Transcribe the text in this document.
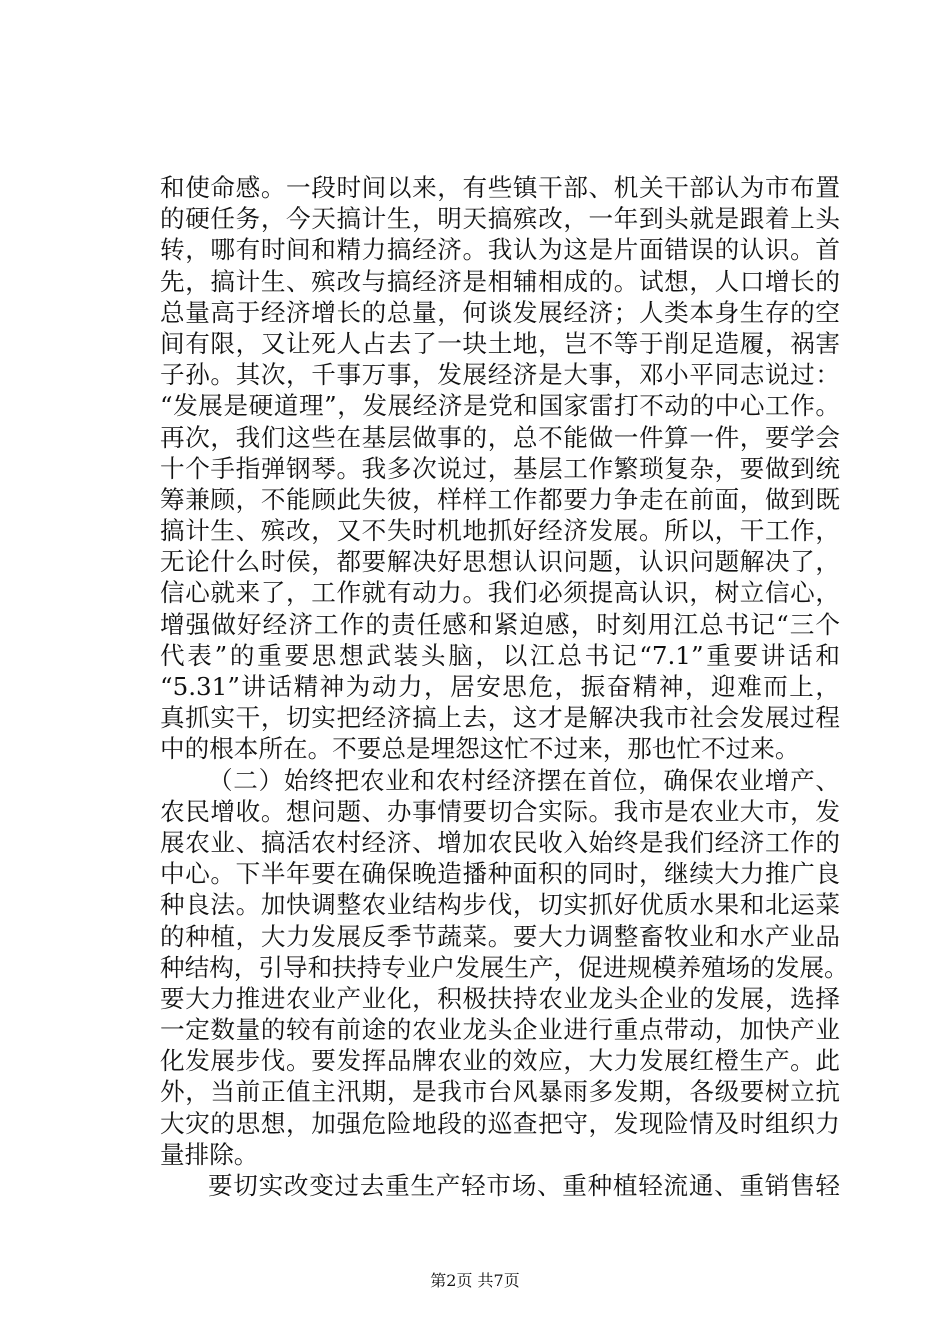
和使命感。一段时间以来，有些镇干部、机关干部认为市布置
的硬任务，今天搞计生，明天搞殡改，一年到头就是跟着上头
转，哪有时间和精力搞经济。我认为这是片面错误的认识。首
先，搞计生、殡改与搞经济是相辅相成的。试想，人口增长的
总量高于经济增长的总量，何谈发展经济；人类本身生存的空
间有限，又让死人占去了一块土地，岂不等于削足造履，祸害
子孙。其次，千事万事，发展经济是大事，邓小平同志说过：
“发展是硬道理”，发展经济是党和国家雷打不动的中心工作。
再次，我们这些在基层做事的，总不能做一件算一件，要学会
十个手指弹钢琴。我多次说过，基层工作繁琐复杂，要做到统
筹兼顾，不能顾此失彼，样样工作都要力争走在前面，做到既
搞计生、殡改，又不失时机地抓好经济发展。所以，干工作，
无论什么时侯，都要解决好思想认识问题，认识问题解决了，
信心就来了，工作就有动力。我们必须提高认识，树立信心，
增强做好经济工作的责任感和紧迫感，时刻用江总书记“三个
代表”的重要思想武装头脑，以江总书记“7.1”重要讲话和
“5.31”讲话精神为动力，居安思危，振奋精神，迎难而上，
真抓实干，切实把经济搞上去，这才是解决我市社会发展过程
中的根本所在。不要总是埋怨这忙不过来，那也忙不过来。
（二）始终把农业和农村经济摆在首位，确保农业增产、
农民增收。想问题、办事情要切合实际。我市是农业大市，发
展农业、搞活农村经济、增加农民收入始终是我们经济工作的
中心。下半年要在确保晚造播种面积的同时，继续大力推广良
种良法。加快调整农业结构步伐，切实抓好优质水果和北运菜
的种植，大力发展反季节蔬菜。要大力调整畜牧业和水产业品
种结构，引导和扶持专业户发展生产，促进规模养殖场的发展。
要大力推进农业产业化，积极扶持农业龙头企业的发展，选择
一定数量的较有前途的农业龙头企业进行重点带动，加快产业
化发展步伐。要发挥品牌农业的效应，大力发展红橙生产。此
外，当前正值主汛期，是我市台风暴雨多发期，各级要树立抗
大灾的思想，加强危险地段的巡查把守，发现险情及时组织力
量排除。
要切实改变过去重生产轻市场、重种植轻流通、重销售轻
第2页 共7页
